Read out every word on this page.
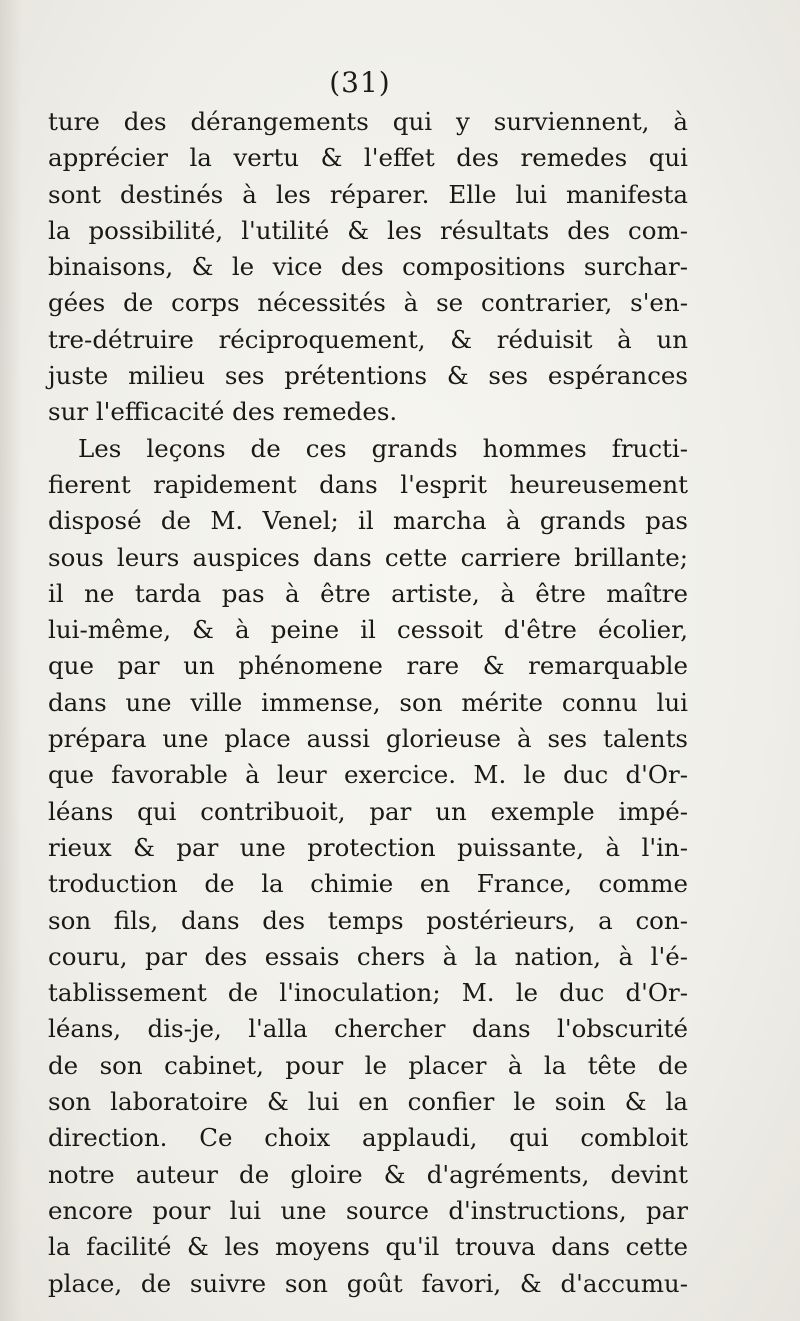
(31)
ture des dérangements qui y surviennent, à
apprécier la vertu & l'effet des remedes qui
sont destinés à les réparer. Elle lui manifesta
la possibilité, l'utilité & les résultats des com-
binaisons, & le vice des compositions surchar-
gées de corps nécessités à se contrarier, s'en-
tre-détruire réciproquement, & réduisit à un
juste milieu ses prétentions & ses espérances
sur l'efficacité des remedes.
Les leçons de ces grands hommes fructi-
fierent rapidement dans l'esprit heureusement
disposé de M. Venel; il marcha à grands pas
sous leurs auspices dans cette carriere brillante;
il ne tarda pas à être artiste, à être maître
lui-même, & à peine il cessoit d'être écolier,
que par un phénomene rare & remarquable
dans une ville immense, son mérite connu lui
prépara une place aussi glorieuse à ses talents
que favorable à leur exercice. M. le duc d'Or-
léans qui contribuoit, par un exemple impé-
rieux & par une protection puissante, à l'in-
troduction de la chimie en France, comme
son fils, dans des temps postérieurs, a con-
couru, par des essais chers à la nation, à l'é-
tablissement de l'inoculation; M. le duc d'Or-
léans, dis-je, l'alla chercher dans l'obscurité
de son cabinet, pour le placer à la tête de
son laboratoire & lui en confier le soin & la
direction. Ce choix applaudi, qui combloit
notre auteur de gloire & d'agréments, devint
encore pour lui une source d'instructions, par
la facilité & les moyens qu'il trouva dans cette
place, de suivre son goût favori, & d'accumu-
